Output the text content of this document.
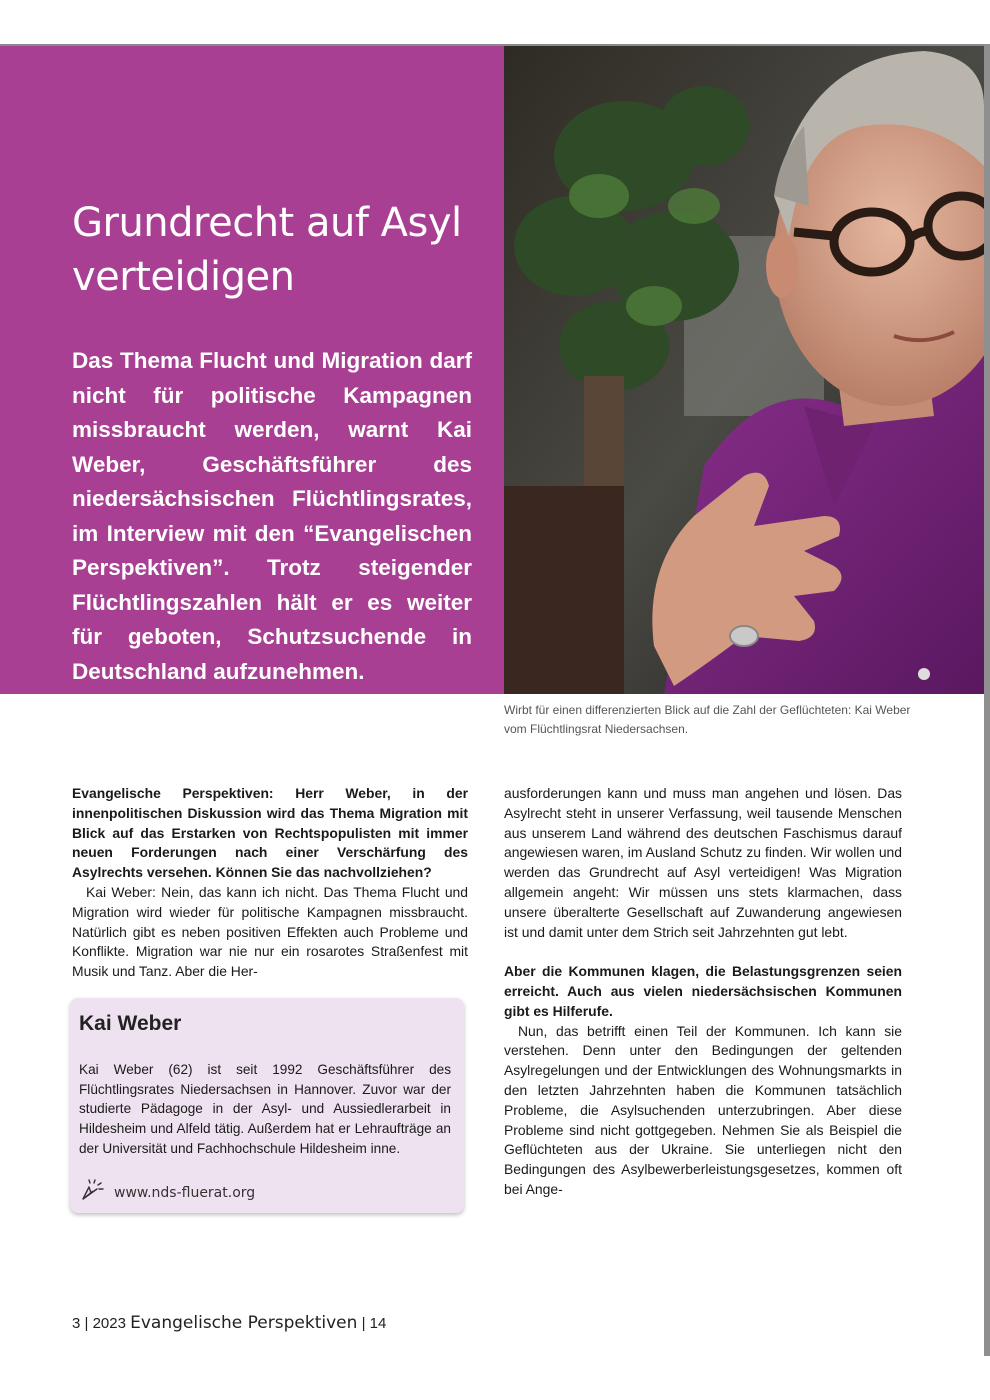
Grundrecht auf Asyl verteidigen

Das Thema Flucht und Migration darf nicht für politische Kampagnen missbraucht werden, warnt Kai Weber, Geschäftsführer des niedersächsischen Flüchtlingsrates, im Interview mit den “Evangelischen Perspektiven”. Trotz steigender Flüchtlingszahlen hält er es weiter für geboten, Schutzsuchende in Deutschland aufzunehmen.

Wirbt für einen differenzierten Blick auf die Zahl der Geflüchteten: Kai Weber vom Flüchtlingsrat Niedersachsen.

Evangelische Perspektiven: Herr Weber, in der innenpolitischen Diskussion wird das Thema Migration mit Blick auf das Erstarken von Rechtspopulisten mit immer neuen Forderungen nach einer Verschärfung des Asylrechts versehen. Können Sie das nachvollziehen?

Kai Weber: Nein, das kann ich nicht. Das Thema Flucht und Migration wird wieder für politische Kampagnen missbraucht. Natürlich gibt es neben positiven Effekten auch Probleme und Konflikte. Migration war nie nur ein rosarotes Straßenfest mit Musik und Tanz. Aber die Her-

Kai Weber

Kai Weber (62) ist seit 1992 Geschäftsführer des Flüchtlingsrates Niedersachsen in Hannover. Zuvor war der studierte Pädagoge in der Asyl- und Aussiedlerarbeit in Hildesheim und Alfeld tätig. Außerdem hat er Lehraufträge an der Universität und Fachhochschule Hildesheim inne.

www.nds-fluerat.org

ausforderungen kann und muss man angehen und lösen. Das Asylrecht steht in unserer Verfassung, weil tausende Menschen aus unserem Land während des deutschen Faschismus darauf angewiesen waren, im Ausland Schutz zu finden. Wir wollen und werden das Grundrecht auf Asyl verteidigen! Was Migration allgemein angeht: Wir müssen uns stets klarmachen, dass unsere überalterte Gesellschaft auf Zuwanderung angewiesen ist und damit unter dem Strich seit Jahrzehnten gut lebt.

Aber die Kommunen klagen, die Belastungsgrenzen seien erreicht. Auch aus vielen niedersächsischen Kommunen gibt es Hilferufe.

Nun, das betrifft einen Teil der Kommunen. Ich kann sie verstehen. Denn unter den Bedingungen der geltenden Asylregelungen und der Entwicklungen des Wohnungsmarkts in den letzten Jahrzehnten haben die Kommunen tatsächlich Probleme, die Asylsuchenden unterzubringen. Aber diese Probleme sind nicht gottgegeben. Nehmen Sie als Beispiel die Geflüchteten aus der Ukraine. Sie unterliegen nicht den Bedingungen des Asylbewerberleistungsgesetzes, kommen oft bei Ange-

3 | 2023 Evangelische Perspektiven | 14
